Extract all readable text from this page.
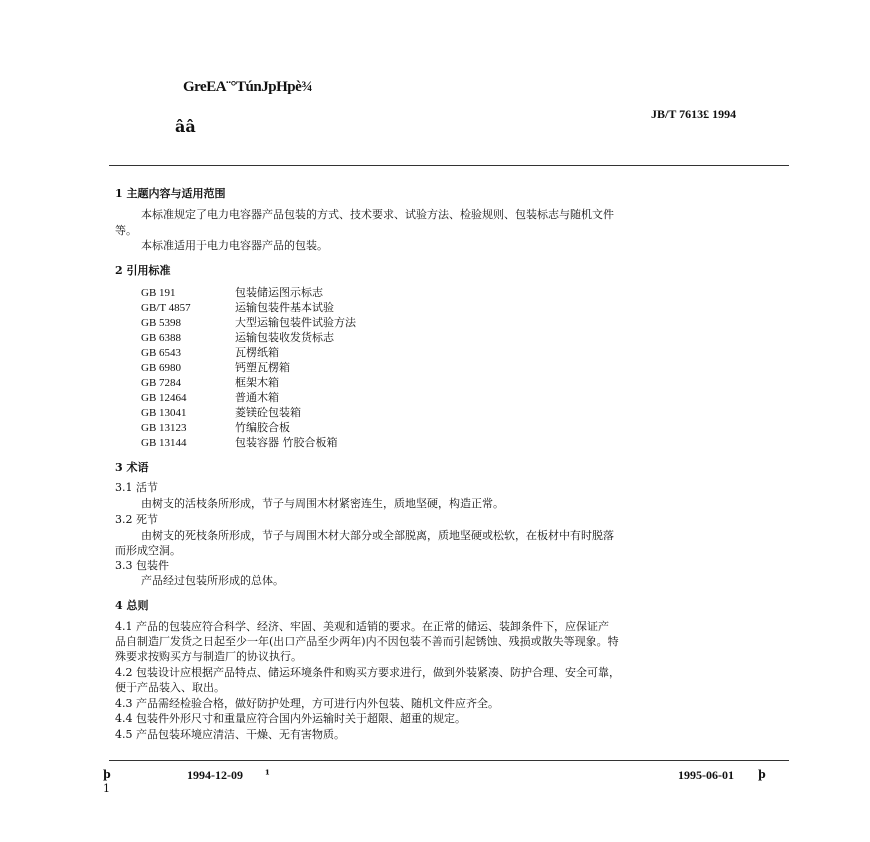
GreEA¨°TúnJpHpè¾
ââ
JB/T 7613£ 1994
1 主题内容与适用范围
本标准规定了电力电容器产品包装的方式、技术要求、试验方法、检验规则、包装标志与随机文件
等。
本标准适用于电力电容器产品的包装。
2 引用标准
GB 191	包装储运图示标志
GB/T 4857	运输包装件基本试验
GB 5398	大型运输包装件试验方法
GB 6388	运输包装收发货标志
GB 6543	瓦楞纸箱
GB 6980	钙塑瓦楞箱
GB 7284	框架木箱
GB 12464	普通木箱
GB 13041	菱镁砼包装箱
GB 13123	竹编胶合板
GB 13144	包装容器 竹胶合板箱
3 术语
3.1 活节
由树支的活枝条所形成，节子与周围木材紧密连生，质地坚硬，构造正常。
3.2 死节
由树支的死枝条所形成，节子与周围木材大部分或全部脱离，质地坚硬或松软，在板材中有时脱落
而形成空洞。
3.3 包装件
产品经过包装所形成的总体。
4 总则
4.1 产品的包装应符合科学、经济、牢固、美观和适销的要求。在正常的储运、装卸条件下，应保证产
品自制造厂发货之日起至少一年(出口产品至少两年)内不因包装不善而引起锈蚀、残损或散失等现象。特
殊要求按购买方与制造厂的协议执行。
4.2 包装设计应根据产品特点、储运环境条件和购买方要求进行，做到外装紧凑、防护合理、安全可靠，
便于产品装入、取出。
4.3 产品需经检验合格，做好防护处理，方可进行内外包装、随机文件应齐全。
4.4 包装件外形尺寸和重量应符合国内外运输时关于超限、超重的规定。
4.5 产品包装环境应清洁、干燥、无有害物质。
þ	1994-12-09 ¹	1995-06-01 þ
1
